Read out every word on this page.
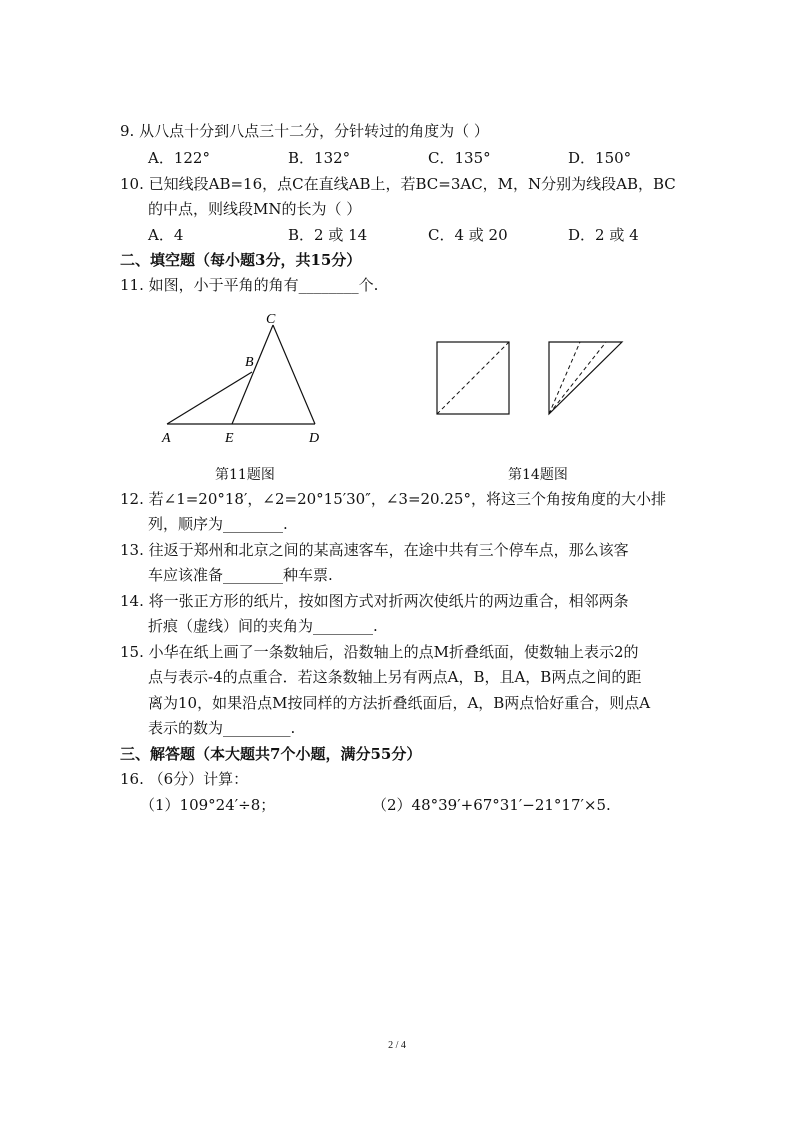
9. 从八点十分到八点三十二分，分针转过的角度为（ ）
A．122°	B．132°	C．135°	D．150°
10. 已知线段AB=16，点C在直线AB上，若BC=3AC，M，N分别为线段AB，BC
的中点，则线段MN的长为（ ）
A．4	B．2 或 14	C．4 或 20	D．2 或 4
二、填空题（每小题3分，共15分）
11. 如图，小于平角的角有________个.
C
B
A	E	D
第11题图	第14题图
12. 若∠1=20°18′，∠2=20°15′30″，∠3=20.25°，将这三个角按角度的大小排
列，顺序为________.
13. 往返于郑州和北京之间的某高速客车，在途中共有三个停车点，那么该客
车应该准备________种车票.
14. 将一张正方形的纸片，按如图方式对折两次使纸片的两边重合，相邻两条
折痕（虚线）间的夹角为________.
15. 小华在纸上画了一条数轴后，沿数轴上的点M折叠纸面，使数轴上表示2的
点与表示-4的点重合．若这条数轴上另有两点A，B，且A，B两点之间的距
离为10，如果沿点M按同样的方法折叠纸面后，A，B两点恰好重合，则点A
表示的数为_________.
三、解答题（本大题共7个小题，满分55分）
16. （6分）计算：
（1）109°24′÷8；	（2）48°39′+67°31′−21°17′×5.
2 / 4
